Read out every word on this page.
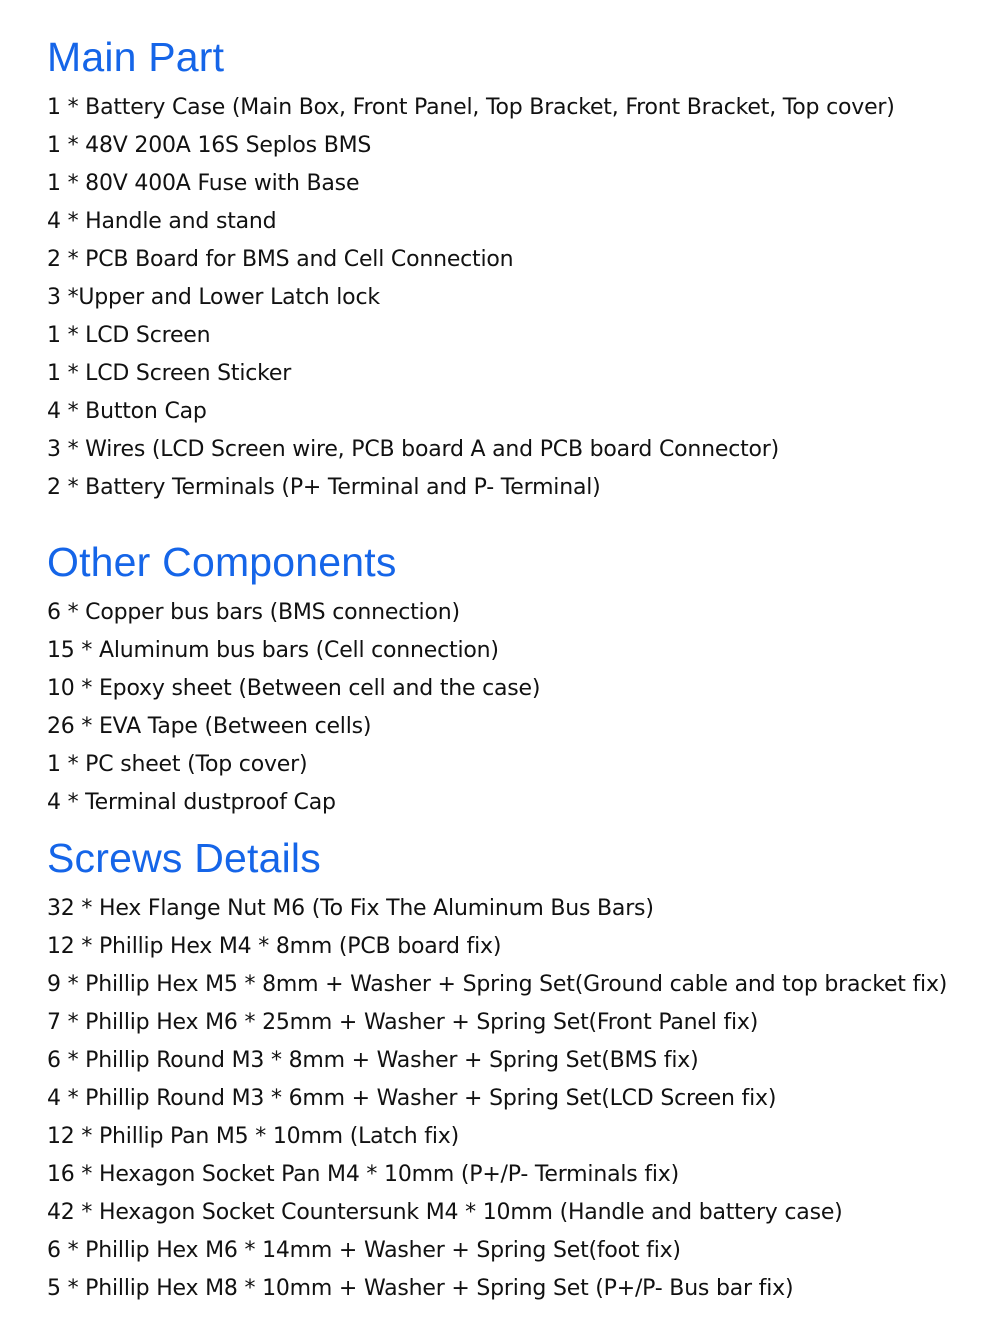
Main Part
1 * Battery Case (Main Box, Front Panel, Top Bracket, Front Bracket, Top cover)
1 * 48V 200A 16S Seplos BMS
1 * 80V 400A Fuse with Base
4 * Handle and stand
2 * PCB Board for BMS and Cell Connection
3 *Upper and Lower Latch lock
1 * LCD Screen
1 * LCD Screen Sticker
4 * Button Cap
3 * Wires (LCD Screen wire, PCB board A and PCB board Connector)
2 * Battery Terminals (P+ Terminal and P- Terminal)
Other Components
6 * Copper bus bars (BMS connection)
15 * Aluminum bus bars (Cell connection)
10 * Epoxy sheet (Between cell and the case)
26 * EVA Tape (Between cells)
1 * PC sheet (Top cover)
4 * Terminal dustproof Cap
Screws Details
32 * Hex Flange Nut M6 (To Fix The Aluminum Bus Bars)
12 * Phillip Hex M4 * 8mm (PCB board fix)
9 * Phillip Hex M5 * 8mm + Washer + Spring Set(Ground cable and top bracket fix)
7 * Phillip Hex M6 * 25mm + Washer + Spring Set(Front Panel fix)
6 * Phillip Round M3 * 8mm + Washer + Spring Set(BMS fix)
4 * Phillip Round M3 * 6mm + Washer + Spring Set(LCD Screen fix)
12 * Phillip Pan M5 * 10mm (Latch fix)
16 * Hexagon Socket Pan M4 * 10mm (P+/P- Terminals fix)
42 * Hexagon Socket Countersunk M4 * 10mm (Handle and battery case)
6 * Phillip Hex M6 * 14mm + Washer + Spring Set(foot fix)
5 * Phillip Hex M8 * 10mm + Washer + Spring Set (P+/P- Bus bar fix)
